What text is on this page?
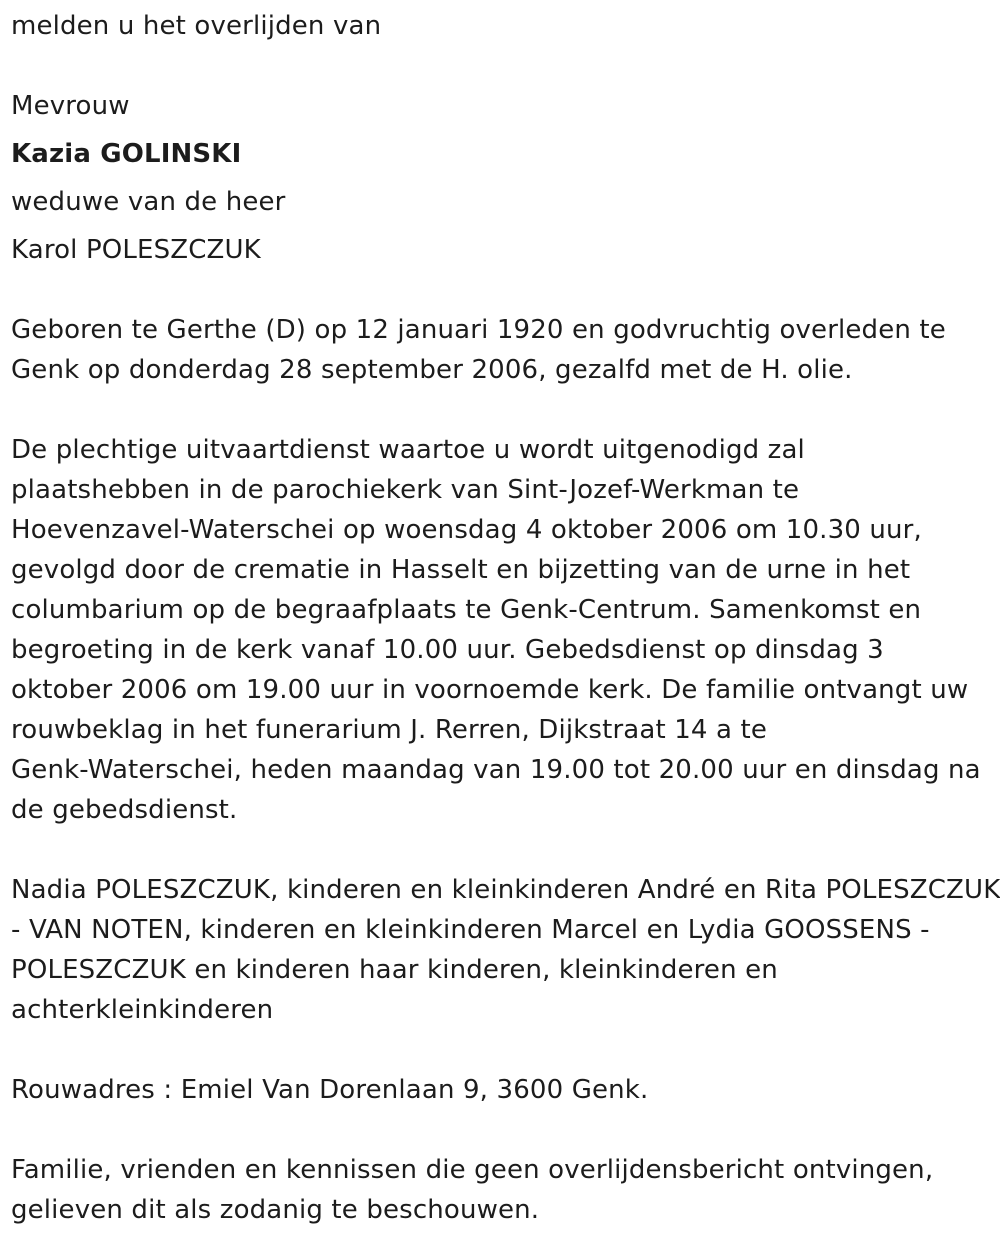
melden u het overlijden van
Mevrouw
Kazia GOLINSKI
weduwe van de heer
Karol POLESZCZUK
Geboren te Gerthe (D) op 12 januari 1920 en godvruchtig overleden te
Genk op donderdag 28 september 2006, gezalfd met de H. olie.
De plechtige uitvaartdienst waartoe u wordt uitgenodigd zal
plaatshebben in de parochiekerk van Sint-Jozef-Werkman te
Hoevenzavel-Waterschei op woensdag 4 oktober 2006 om 10.30 uur,
gevolgd door de crematie in Hasselt en bijzetting van de urne in het
columbarium op de begraafplaats te Genk-Centrum. Samenkomst en
begroeting in de kerk vanaf 10.00 uur. Gebedsdienst op dinsdag 3
oktober 2006 om 19.00 uur in voornoemde kerk. De familie ontvangt uw
rouwbeklag in het funerarium J. Rerren, Dijkstraat 14 a te
Genk-Waterschei, heden maandag van 19.00 tot 20.00 uur en dinsdag na
de gebedsdienst.
Nadia POLESZCZUK, kinderen en kleinkinderen André en Rita POLESZCZUK
- VAN NOTEN, kinderen en kleinkinderen Marcel en Lydia GOOSSENS -
POLESZCZUK en kinderen haar kinderen, kleinkinderen en
achterkleinkinderen
Rouwadres : Emiel Van Dorenlaan 9, 3600 Genk.
Familie, vrienden en kennissen die geen overlijdensbericht ontvingen,
gelieven dit als zodanig te beschouwen.
